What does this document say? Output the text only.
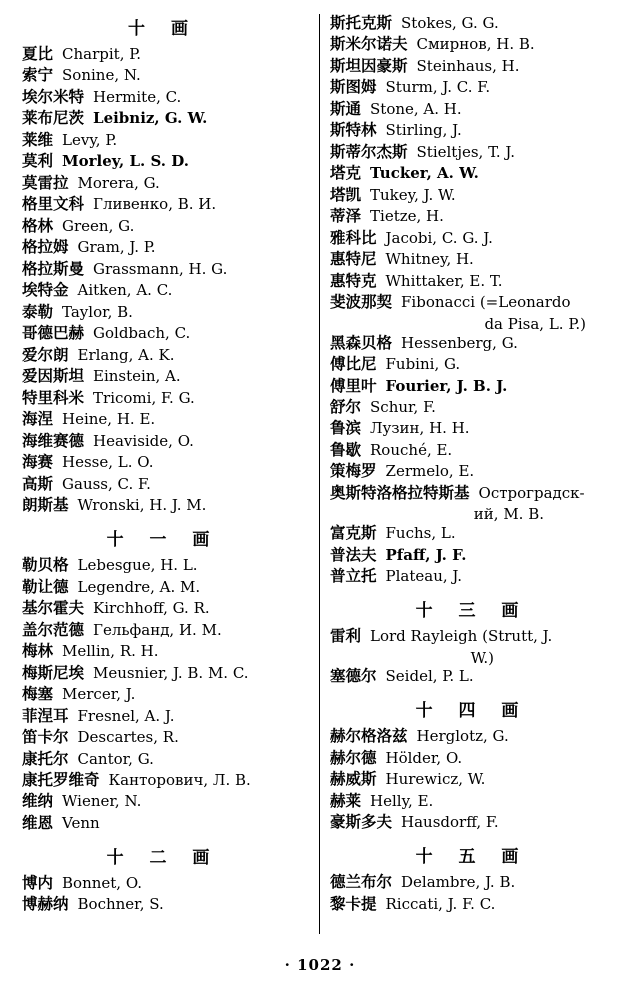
十 画
夏比 Charpit, P.
索宁 Sonine, N.
埃尔米特 Hermite, C.
莱布尼茨 Leibniz, G. W.
莱维 Levy, P.
莫利 Morley, L. S. D.
莫雷拉 Morera, G.
格里文科 Гливенко, В. И.
格林 Green, G.
格拉姆 Gram, J. P.
格拉斯曼 Grassmann, H. G.
埃特金 Aitken, A. C.
泰勒 Taylor, B.
哥德巴赫 Goldbach, C.
爱尔朗 Erlang, A. K.
爱因斯坦 Einstein, A.
特里科米 Tricomi, F. G.
海涅 Heine, H. E.
海维赛德 Heaviside, O.
海赛 Hesse, L. O.
高斯 Gauss, C. F.
朗斯基 Wronski, H. J. M.
十 一 画
勒贝格 Lebesgue, H. L.
勒让德 Legendre, A. M.
基尔霍夫 Kirchhoff, G. R.
盖尔范德 Гельфанд, И. М.
梅林 Mellin, R. H.
梅斯尼埃 Meusnier, J. B. M. C.
梅塞 Mercer, J.
菲涅耳 Fresnel, A. J.
笛卡尔 Descartes, R.
康托尔 Cantor, G.
康托罗维奇 Канторович, Л. В.
维纳 Wiener, N.
维恩 Venn
十 二 画
博内 Bonnet, O.
博赫纳 Bochner, S.
斯托克斯 Stokes, G. G.
斯米尔诺夫 Смирнов, Н. В.
斯坦因豪斯 Steinhaus, H.
斯图姆 Sturm, J. C. F.
斯通 Stone, A. H.
斯特林 Stirling, J.
斯蒂尔杰斯 Stieltjes, T. J.
塔克 Tucker, A. W.
塔凯 Tukey, J. W.
蒂泽 Tietze, H.
雅科比 Jacobi, C. G. J.
惠特尼 Whitney, H.
惠特克 Whittaker, E. T.
斐波那契 Fibonacci (=Leonardo
da Pisa, L. P.)
黑森贝格 Hessenberg, G.
傅比尼 Fubini, G.
傅里叶 Fourier, J. B. J.
舒尔 Schur, F.
鲁滨 Лузин, Н. Н.
鲁歇 Rouché, E.
策梅罗 Zermelo, E.
奥斯特洛格拉特斯基 Остроградск-
ий, М. В.
富克斯 Fuchs, L.
普法夫 Pfaff, J. F.
普立托 Plateau, J.
十 三 画
雷利 Lord Rayleigh (Strutt, J.
W.)
塞德尔 Seidel, P. L.
十 四 画
赫尔格洛兹 Herglotz, G.
赫尔德 Hölder, O.
赫威斯 Hurewicz, W.
赫莱 Helly, E.
豪斯多夫 Hausdorff, F.
十 五 画
德兰布尔 Delambre, J. B.
黎卡提 Riccati, J. F. C.
· 1022 ·
